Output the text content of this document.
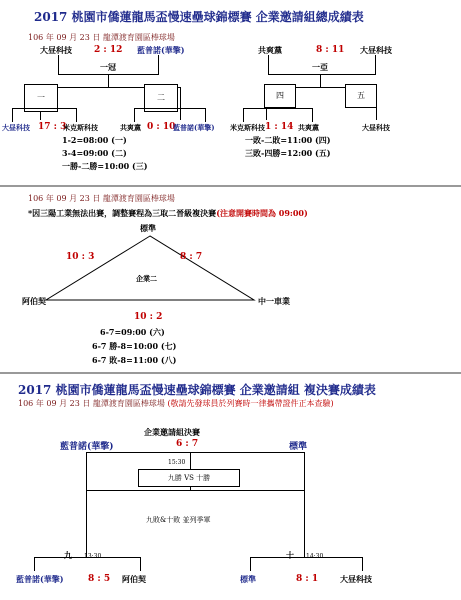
2017 桃園市僑蓮龍馬盃慢速壘球錦標賽 企業邀請組總成績表
106 年 09 月 23 日 龍潭渡育園區棒球場
大昼科技 2 : 12 藍普諾(華擎)
一冠
一	二
大昼科技 17 : 3
米克斯科技	共爽黨 0 : 10
藍普諾(華擎)
共爽黨	8 : 11 大昼科技
一亞
四	五
米克斯科技 1 : 14 共爽黨	大昼科技
1-2=08:00 (一)
3-4=09:00 (二)
一勝-二勝=10:00 (三)
一敗-二敗=11:00 (四)
三敗-四勝=12:00 (五)
106 年 09 月 23 日 龍潭渡育園區棒球場
*因三陽工業無法出賽，調整賽程為三取二晉級複決賽(注意開賽時間為 09:00)
標準
10 : 3	8 : 7
企業二
阿伯契	中一車業
10 : 2
6-7=09:00 (六)
6-7 勝-8=10:00 (七)
6-7 敗-8=11:00 (八)
2017 桃園市僑蓮龍馬盃慢速壘球錦標賽 企業邀請組 複決賽成績表
106 年 09 月 23 日 龍潭渡育園區棒球場 (敬請先發球員於列賽時一律攜帶證件正本查驗)
企業邀請組決賽
藍普諾(華擎)	6 : 7	標準
15:30
九勝 VS 十勝
九敗&十敗 並列季軍
九 13:30
藍普諾(華擎)	8 : 5 阿伯契
十 14:30
標準	8 : 1	大昼科技
